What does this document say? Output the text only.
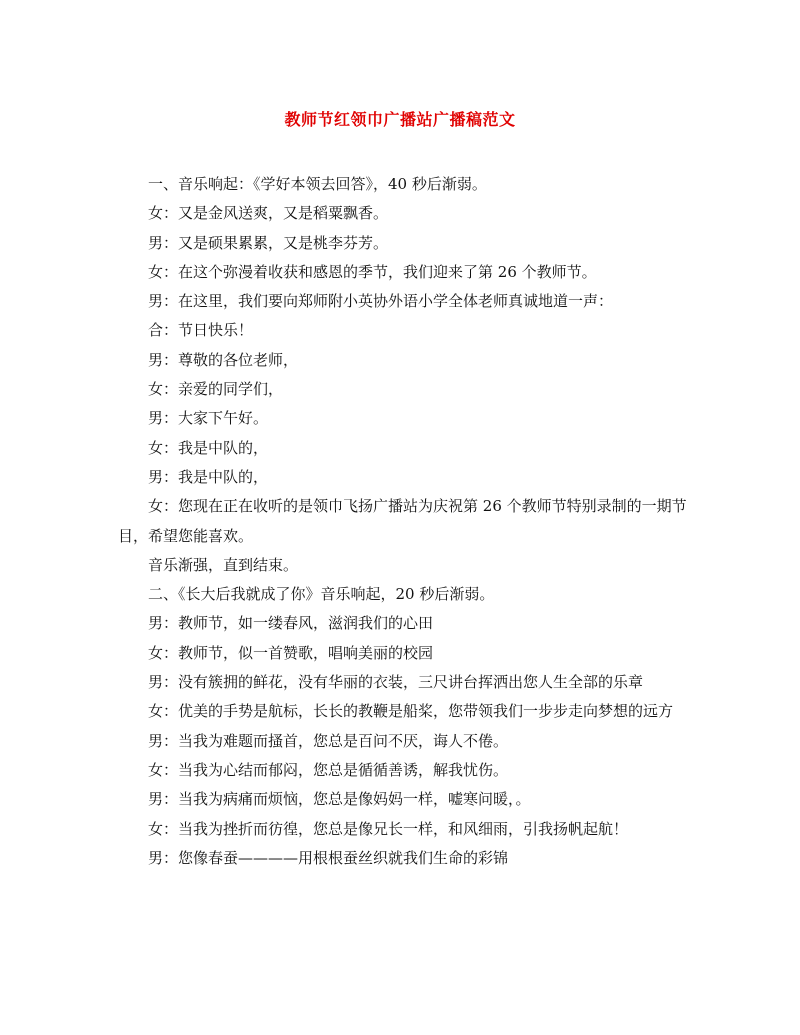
教师节红领巾广播站广播稿范文

一、音乐响起：《学好本领去回答》，40 秒后渐弱。

女：又是金风送爽，又是稻粟飘香。

男：又是硕果累累，又是桃李芬芳。

女：在这个弥漫着收获和感恩的季节，我们迎来了第 26 个教师节。

男：在这里，我们要向郑师附小英协外语小学全体老师真诚地道一声：

合：节日快乐！

男：尊敬的各位老师，

女：亲爱的同学们，

男：大家下午好。

女：我是中队的，

男：我是中队的，

女：您现在正在收听的是领巾飞扬广播站为庆祝第 26 个教师节特别录制的一期节目，希望您能喜欢。

音乐渐强，直到结束。

二、《长大后我就成了你》音乐响起，20 秒后渐弱。

男：教师节，如一缕春风，滋润我们的心田

女：教师节，似一首赞歌，唱响美丽的校园

男：没有簇拥的鲜花，没有华丽的衣装，三尺讲台挥洒出您人生全部的乐章

女：优美的手势是航标，长长的教鞭是船桨，您带领我们一步步走向梦想的远方

男：当我为难题而搔首，您总是百问不厌，诲人不倦。

女：当我为心结而郁闷，您总是循循善诱，解我忧伤。

男：当我为病痛而烦恼，您总是像妈妈一样，嘘寒问暖，。

女：当我为挫折而彷徨，您总是像兄长一样，和风细雨，引我扬帆起航！

男：您像春蚕————用根根蚕丝织就我们生命的彩锦
